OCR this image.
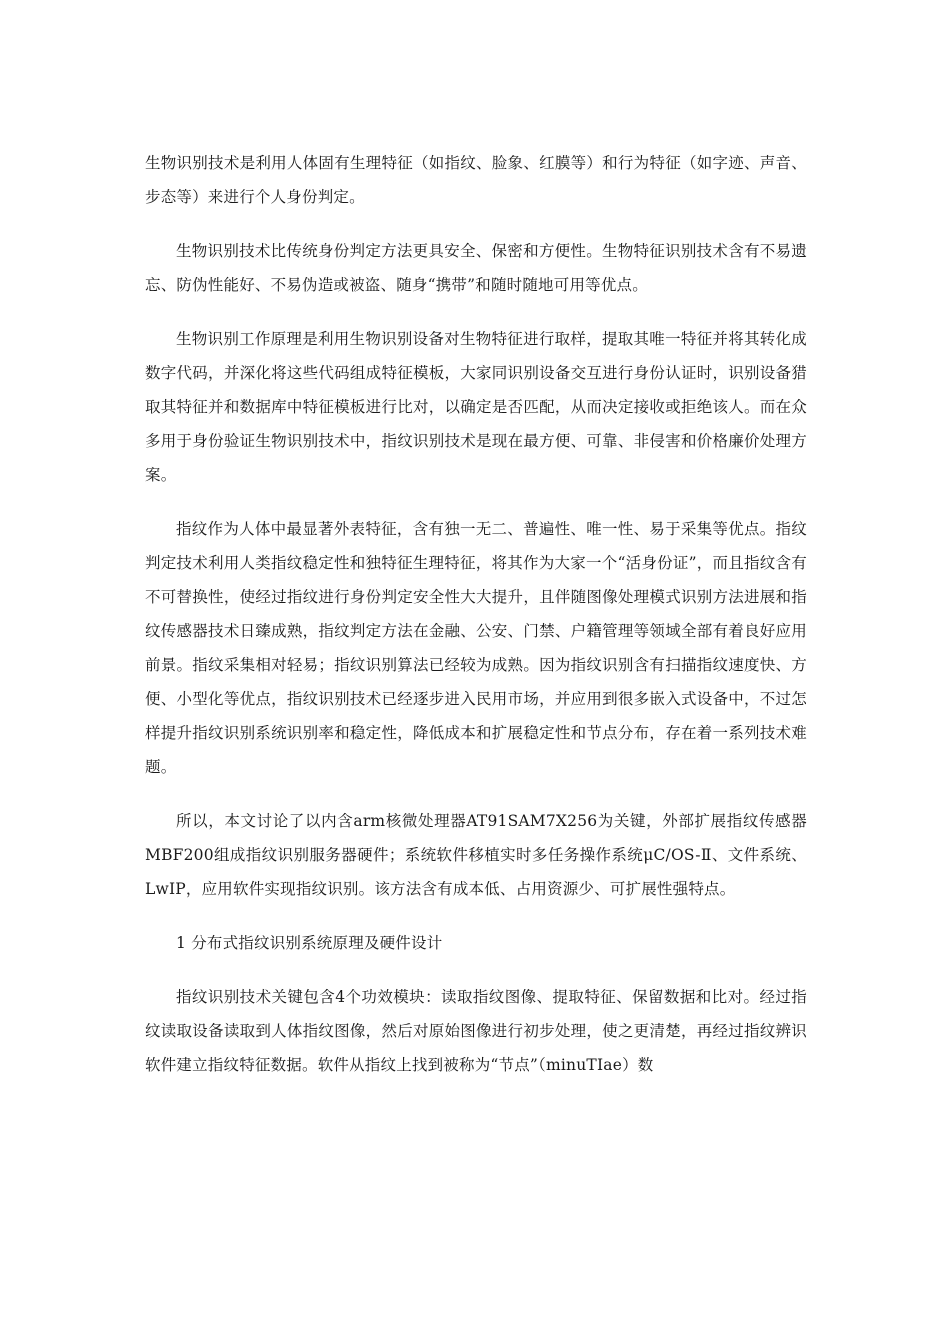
生物识别技术是利用人体固有生理特征（如指纹、脸象、红膜等）和行为特征（如字迹、声音、步态等）来进行个人身份判定。

生物识别技术比传统身份判定方法更具安全、保密和方便性。生物特征识别技术含有不易遗忘、防伪性能好、不易伪造或被盗、随身“携带”和随时随地可用等优点。

生物识别工作原理是利用生物识别设备对生物特征进行取样，提取其唯一特征并将其转化成数字代码，并深化将这些代码组成特征模板，大家同识别设备交互进行身份认证时，识别设备猎取其特征并和数据库中特征模板进行比对，以确定是否匹配，从而决定接收或拒绝该人。而在众多用于身份验证生物识别技术中，指纹识别技术是现在最方便、可靠、非侵害和价格廉价处理方案。

指纹作为人体中最显著外表特征，含有独一无二、普遍性、唯一性、易于采集等优点。指纹判定技术利用人类指纹稳定性和独特征生理特征，将其作为大家一个“活身份证”，而且指纹含有不可替换性，使经过指纹进行身份判定安全性大大提升，且伴随图像处理模式识别方法进展和指纹传感器技术日臻成熟，指纹判定方法在金融、公安、门禁、户籍管理等领域全部有着良好应用前景。指纹采集相对轻易；指纹识别算法已经较为成熟。因为指纹识别含有扫描指纹速度快、方便、小型化等优点，指纹识别技术已经逐步进入民用市场，并应用到很多嵌入式设备中，不过怎样提升指纹识别系统识别率和稳定性，降低成本和扩展稳定性和节点分布，存在着一系列技术难题。

所以，本文讨论了以内含arm核微处理器AT91SAM7X256为关键，外部扩展指纹传感器MBF200组成指纹识别服务器硬件；系统软件移植实时多任务操作系统μC/OS-Ⅱ、文件系统、LwIP，应用软件实现指纹识别。该方法含有成本低、占用资源少、可扩展性强特点。

1 分布式指纹识别系统原理及硬件设计

指纹识别技术关键包含4个功效模块：读取指纹图像、提取特征、保留数据和比对。经过指纹读取设备读取到人体指纹图像，然后对原始图像进行初步处理，使之更清楚，再经过指纹辨识软件建立指纹特征数据。软件从指纹上找到被称为“节点”（minuTIae）数
